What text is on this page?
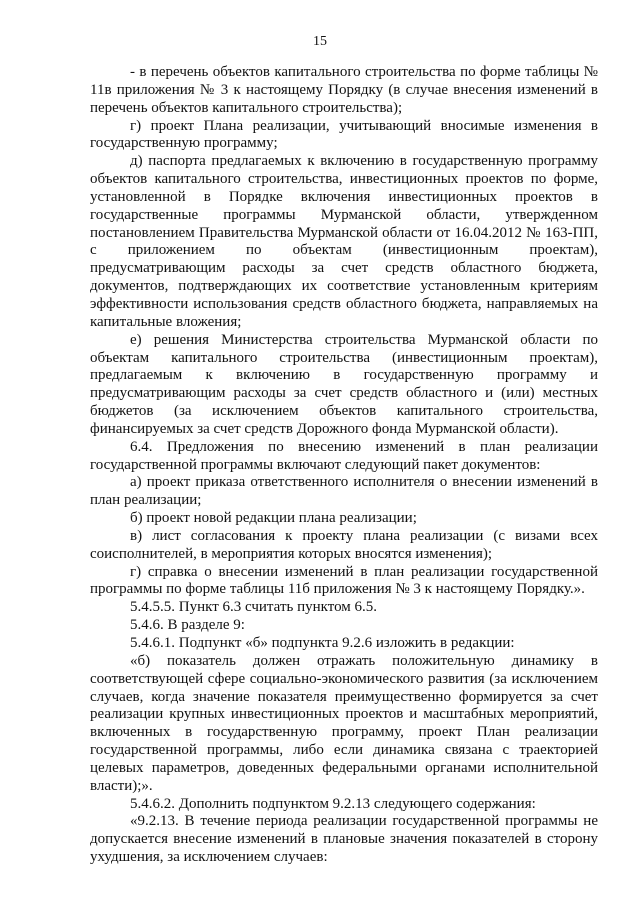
15

- в перечень объектов капитального строительства по форме таблицы № 11в приложения № 3 к настоящему Порядку (в случае внесения изменений в перечень объектов капитального строительства);

г) проект Плана реализации, учитывающий вносимые изменения в государственную программу;

д) паспорта предлагаемых к включению в государственную программу объектов капитального строительства, инвестиционных проектов по форме, установленной в Порядке включения инвестиционных проектов в государственные программы Мурманской области, утвержденном постановлением Правительства Мурманской области от 16.04.2012 № 163-ПП, с приложением по объектам (инвестиционным проектам), предусматривающим расходы за счет средств областного бюджета, документов, подтверждающих их соответствие установленным критериям эффективности использования средств областного бюджета, направляемых на капитальные вложения;

е) решения Министерства строительства Мурманской области по объектам капитального строительства (инвестиционным проектам), предлагаемым к включению в государственную программу и предусматривающим расходы за счет средств областного и (или) местных бюджетов (за исключением объектов капитального строительства, финансируемых за счет средств Дорожного фонда Мурманской области).

6.4. Предложения по внесению изменений в план реализации государственной программы включают следующий пакет документов:

а) проект приказа ответственного исполнителя о внесении изменений в план реализации;

б) проект новой редакции плана реализации;

в) лист согласования к проекту плана реализации (с визами всех соисполнителей, в мероприятия которых вносятся изменения);

г) справка о внесении изменений в план реализации государственной программы по форме таблицы 11б приложения № 3 к настоящему Порядку.».

5.4.5.5. Пункт 6.3 считать пунктом 6.5.

5.4.6. В разделе 9:

5.4.6.1. Подпункт «б» подпункта 9.2.6 изложить в редакции:

«б) показатель должен отражать положительную динамику в соответствующей сфере социально-экономического развития (за исключением случаев, когда значение показателя преимущественно формируется за счет реализации крупных инвестиционных проектов и масштабных мероприятий, включенных в государственную программу, проект План реализации государственной программы, либо если динамика связана с траекторией целевых параметров, доведенных федеральными органами исполнительной власти);».

5.4.6.2. Дополнить подпунктом 9.2.13 следующего содержания:

«9.2.13. В течение периода реализации государственной программы не допускается внесение изменений в плановые значения показателей в сторону ухудшения, за исключением случаев:
